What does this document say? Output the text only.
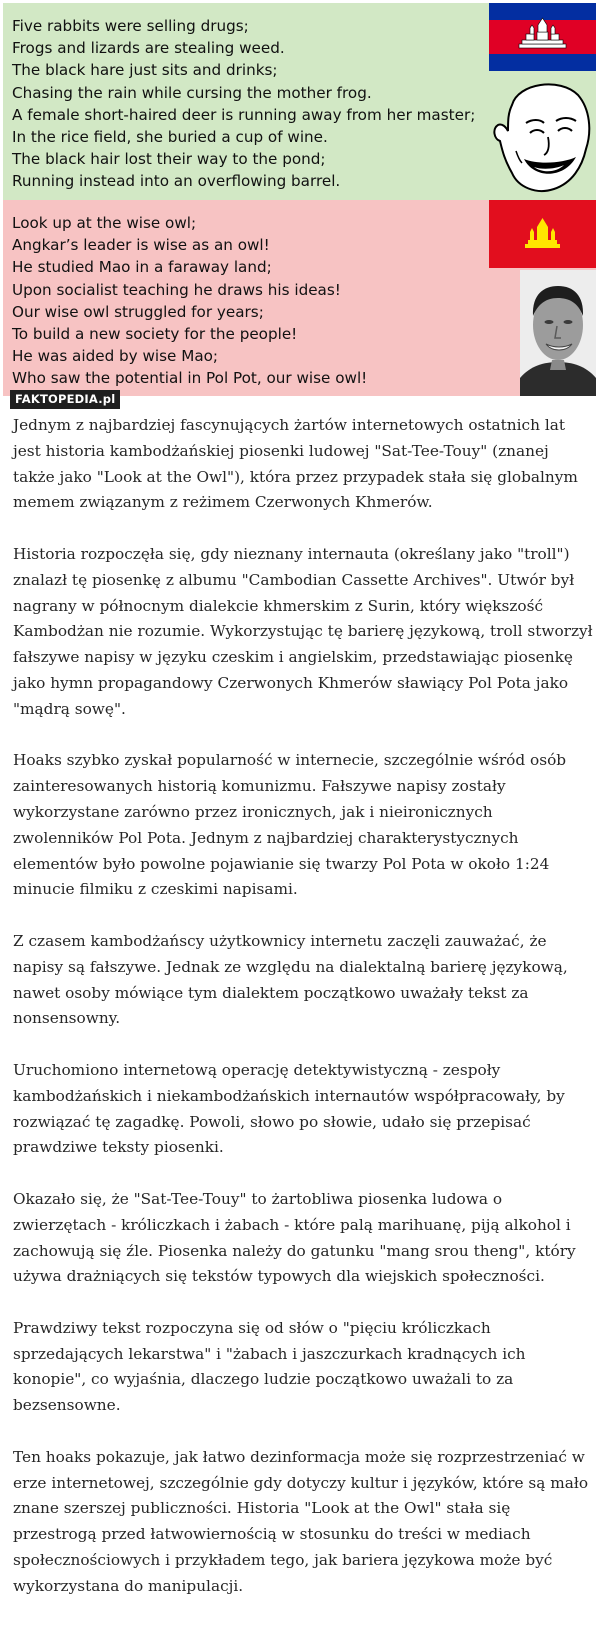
Five rabbits were selling drugs;
Frogs and lizards are stealing weed.
The black hare just sits and drinks;
Chasing the rain while cursing the mother frog.
A female short-haired deer is running away from her master;
In the rice field, she buried a cup of wine.
The black hair lost their way to the pond;
Running instead into an overflowing barrel.
Look up at the wise owl;
Angkar’s leader is wise as an owl!
He studied Mao in a faraway land;
Upon socialist teaching he draws his ideas!
Our wise owl struggled for years;
To build a new society for the people!
He was aided by wise Mao;
Who saw the potential in Pol Pot, our wise owl!
FAKTOPEDIA.pl

Jednym z najbardziej fascynujących żartów internetowych ostatnich lat jest historia kambodżańskiej piosenki ludowej "Sat-Tee-Touy" (znanej także jako "Look at the Owl"), która przez przypadek stała się globalnym memem związanym z reżimem Czerwonych Khmerów.

Historia rozpoczęła się, gdy nieznany internauta (określany jako "troll") znalazł tę piosenkę z albumu "Cambodian Cassette Archives". Utwór był nagrany w północnym dialekcie khmerskim z Surin, który większość Kambodżan nie rozumie. Wykorzystując tę barierę językową, troll stworzył fałszywe napisy w języku czeskim i angielskim, przedstawiając piosenkę jako hymn propagandowy Czerwonych Khmerów sławiący Pol Pota jako "mądrą sowę".

Hoaks szybko zyskał popularność w internecie, szczególnie wśród osób zainteresowanych historią komunizmu. Fałszywe napisy zostały wykorzystane zarówno przez ironicznych, jak i nieironicznych zwolenników Pol Pota. Jednym z najbardziej charakterystycznych elementów było powolne pojawianie się twarzy Pol Pota w około 1:24 minucie filmiku z czeskimi napisami.

Z czasem kambodżańscy użytkownicy internetu zaczęli zauważać, że napisy są fałszywe. Jednak ze względu na dialektalną barierę językową, nawet osoby mówiące tym dialektem początkowo uważały tekst za nonsensowny.

Uruchomiono internetową operację detektywistyczną - zespoły kambodżańskich i niekambodżańskich internautów współpracowały, by rozwiązać tę zagadkę. Powoli, słowo po słowie, udało się przepisać prawdziwe teksty piosenki.

Okazało się, że "Sat-Tee-Touy" to żartobliwa piosenka ludowa o zwierzętach - króliczkach i żabach - które palą marihuanę, piją alkohol i zachowują się źle. Piosenka należy do gatunku "mang srou theng", który używa drażniących się tekstów typowych dla wiejskich społeczności.

Prawdziwy tekst rozpoczyna się od słów o "pięciu króliczkach sprzedających lekarstwa" i "żabach i jaszczurkach kradnących ich konopie", co wyjaśnia, dlaczego ludzie początkowo uważali to za bezsensowne.

Ten hoaks pokazuje, jak łatwo dezinformacja może się rozprzestrzeniać w erze internetowej, szczególnie gdy dotyczy kultur i języków, które są mało znane szerszej publiczności. Historia "Look at the Owl" stała się przestrogą przed łatwowiernością w stosunku do treści w mediach społecznościowych i przykładem tego, jak bariera językowa może być wykorzystana do manipulacji.
